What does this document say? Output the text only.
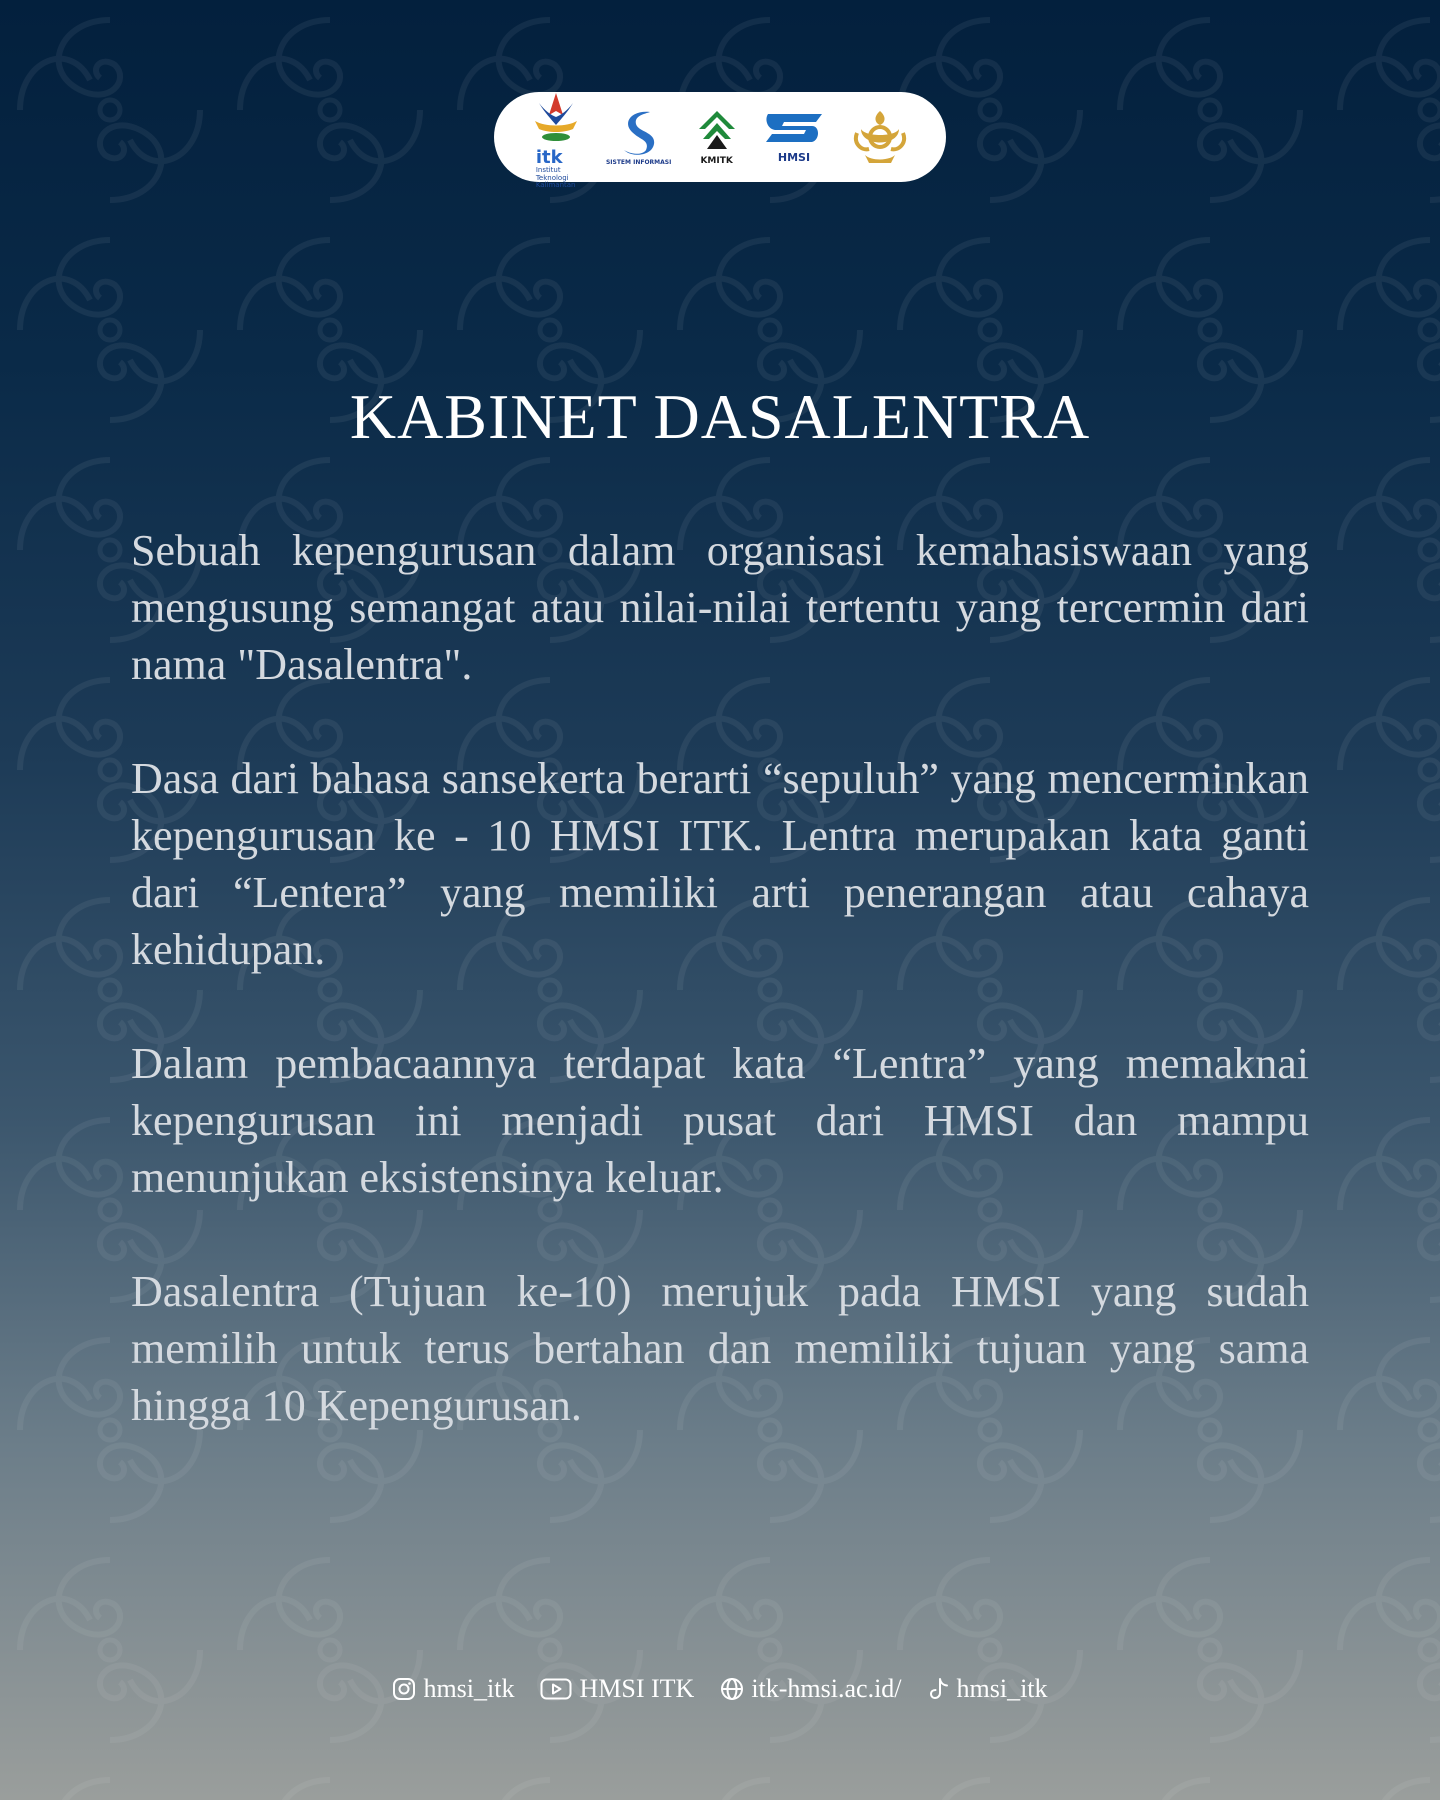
itk
Institut
Teknologi
Kalimantan
SISTEM INFORMASI	KMITK	HMSI
KABINET DASALENTRA

Sebuah kepengurusan dalam organisasi kemahasiswaan yang mengusung semangat atau nilai-nilai tertentu yang tercermin dari nama "Dasalentra".

Dasa dari bahasa sansekerta berarti “sepuluh” yang mencerminkan kepengurusan ke - 10 HMSI ITK. Lentra merupakan kata ganti dari “Lentera” yang memiliki arti penerangan atau cahaya kehidupan.

Dalam pembacaannya terdapat kata “Lentra” yang memaknai kepengurusan ini menjadi pusat dari HMSI dan mampu menunjukan eksistensinya keluar.

Dasalentra (Tujuan ke-10) merujuk pada HMSI yang sudah memilih untuk terus bertahan dan memiliki tujuan yang sama hingga 10 Kepengurusan.

hmsi_itk	HMSI ITK itk-hmsi.ac.id/ hmsi_itk
